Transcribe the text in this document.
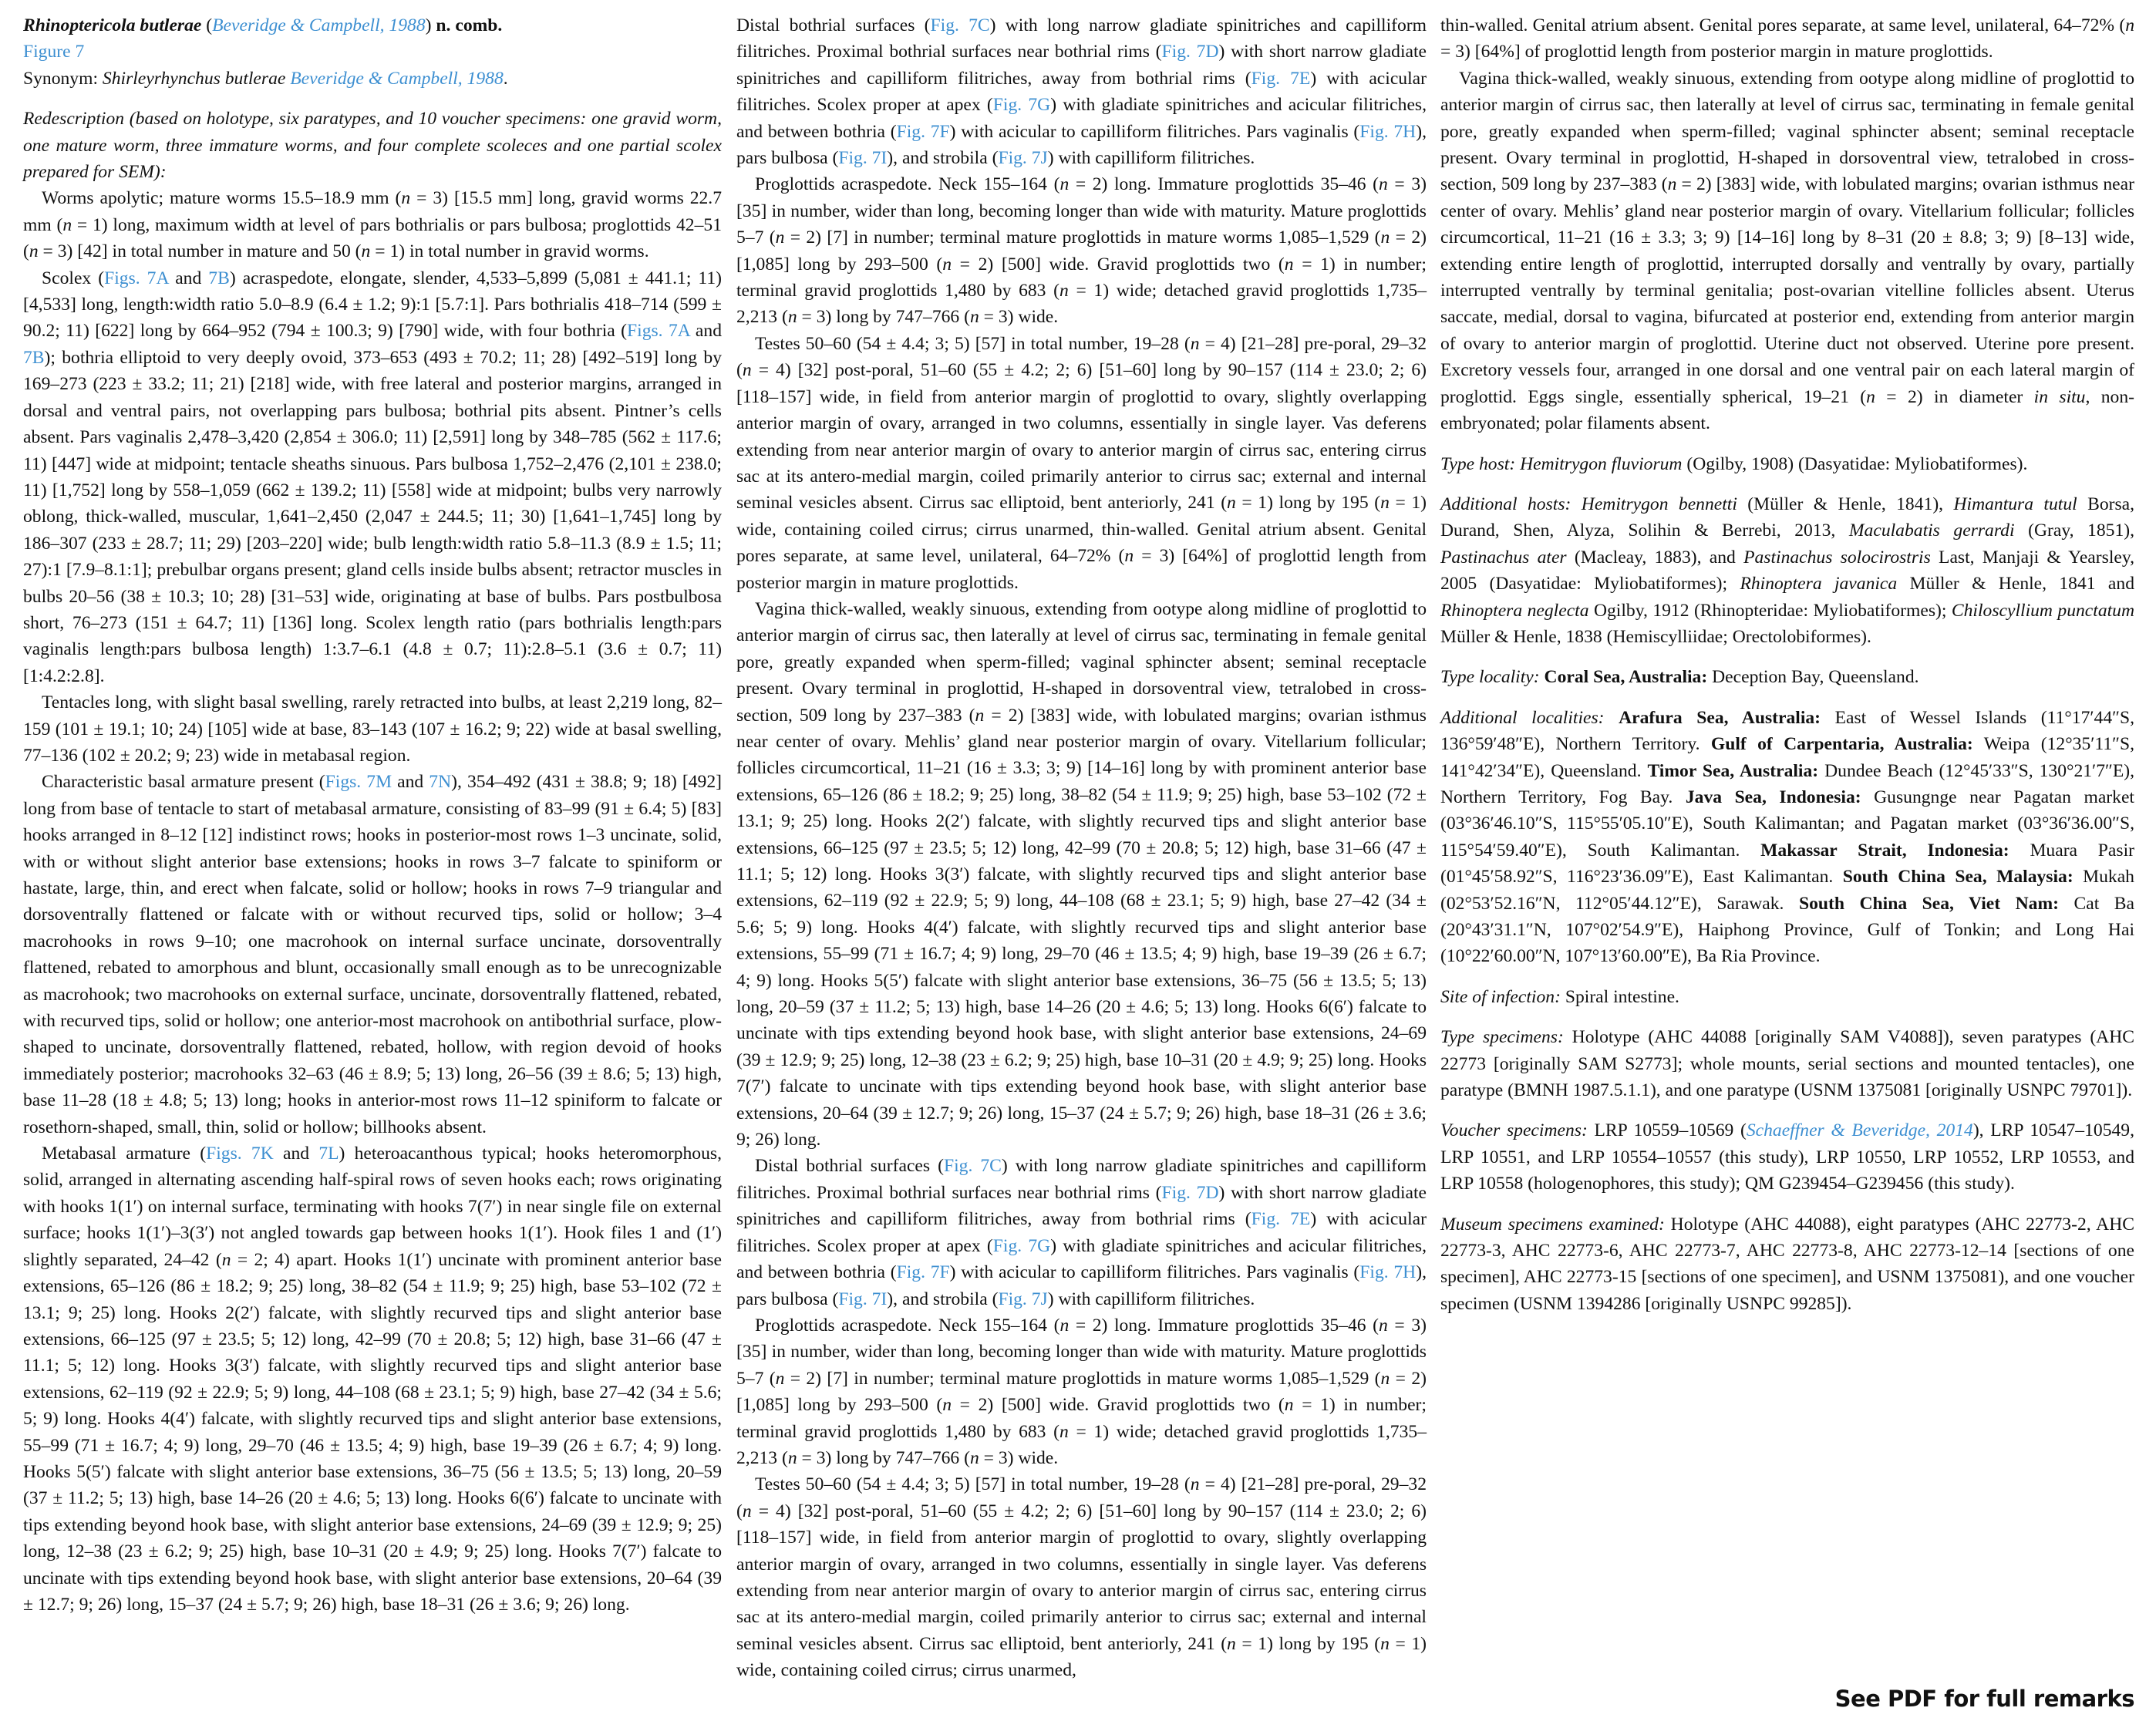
Rhinoptericola butlerae (Beveridge & Campbell, 1988) n. comb.

Figure 7

Synonym: Shirleyrhynchus butlerae Beveridge & Campbell, 1988.

Redescription (based on holotype, six paratypes, and 10 voucher specimens: one gravid worm, one mature worm, three immature worms, and four complete scoleces and one partial scolex prepared for SEM):

Worms apolytic; mature worms 15.5–18.9 mm (n = 3) [15.5 mm] long, gravid worms 22.7 mm (n = 1) long, maximum width at level of pars bothrialis or pars bulbosa; proglottids 42–51 (n = 3) [42] in total number in mature and 50 (n = 1) in total number in gravid worms.

Scolex (Figs. 7A and 7B) acraspedote, elongate, slender, 4,533–5,899 (5,081 ± 441.1; 11) [4,533] long, length:width ratio 5.0–8.9 (6.4 ± 1.2; 9):1 [5.7:1]. Pars bothrialis 418–714 (599 ± 90.2; 11) [622] long by 664–952 (794 ± 100.3; 9) [790] wide, with four bothria (Figs. 7A and 7B); bothria elliptoid to very deeply ovoid, 373–653 (493 ± 70.2; 11; 28) [492–519] long by 169–273 (223 ± 33.2; 11; 21) [218] wide, with free lateral and posterior margins, arranged in dorsal and ventral pairs, not overlapping pars bulbosa; bothrial pits absent. Pintner’s cells absent. Pars vaginalis 2,478–3,420 (2,854 ± 306.0; 11) [2,591] long by 348–785 (562 ± 117.6; 11) [447] wide at midpoint; tentacle sheaths sinuous. Pars bulbosa 1,752–2,476 (2,101 ± 238.0; 11) [1,752] long by 558–1,059 (662 ± 139.2; 11) [558] wide at midpoint; bulbs very narrowly oblong, thick-walled, muscular, 1,641–2,450 (2,047 ± 244.5; 11; 30) [1,641–1,745] long by 186–307 (233 ± 28.7; 11; 29) [203–220] wide; bulb length:width ratio 5.8–11.3 (8.9 ± 1.5; 11; 27):1 [7.9–8.1:1]; prebulbar organs present; gland cells inside bulbs absent; retractor muscles in bulbs 20–56 (38 ± 10.3; 10; 28) [31–53] wide, originating at base of bulbs. Pars postbulbosa short, 76–273 (151 ± 64.7; 11) [136] long. Scolex length ratio (pars bothrialis length:pars vaginalis length:pars bulbosa length) 1:3.7–6.1 (4.8 ± 0.7; 11):2.8–5.1 (3.6 ± 0.7; 11) [1:4.2:2.8].

Tentacles long, with slight basal swelling, rarely retracted into bulbs, at least 2,219 long, 82–159 (101 ± 19.1; 10; 24) [105] wide at base, 83–143 (107 ± 16.2; 9; 22) wide at basal swelling, 77–136 (102 ± 20.2; 9; 23) wide in metabasal region.

Characteristic basal armature present (Figs. 7M and 7N), 354–492 (431 ± 38.8; 9; 18) [492] long from base of tentacle to start of metabasal armature, consisting of 83–99 (91 ± 6.4; 5) [83] hooks arranged in 8–12 [12] indistinct rows; hooks in posterior-most rows 1–3 uncinate, solid, with or without slight anterior base extensions; hooks in rows 3–7 falcate to spiniform or hastate, large, thin, and erect when falcate, solid or hollow; hooks in rows 7–9 triangular and dorsoventrally flattened or falcate with or without recurved tips, solid or hollow; 3–4 macrohooks in rows 9–10; one macrohook on internal surface uncinate, dorsoventrally flattened, rebated to amorphous and blunt, occasionally small enough as to be unrecognizable as macrohook; two macrohooks on external surface, uncinate, dorsoventrally flattened, rebated, with recurved tips, solid or hollow; one anterior-most macrohook on antibothrial surface, plow-shaped to uncinate, dorsoventrally flattened, rebated, hollow, with region devoid of hooks immediately posterior; macrohooks 32–63 (46 ± 8.9; 5; 13) long, 26–56 (39 ± 8.6; 5; 13) high, base 11–28 (18 ± 4.8; 5; 13) long; hooks in anterior-most rows 11–12 spiniform to falcate or rosethorn-shaped, small, thin, solid or hollow; billhooks absent.

Metabasal armature (Figs. 7K and 7L) heteroacanthous typical; hooks heteromorphous, solid, arranged in alternating ascending half-spiral rows of seven hooks each; rows originating with hooks 1(1′) on internal surface, terminating with hooks 7(7′) in near single file on external surface; hooks 1(1′)–3(3′) not angled towards gap between hooks 1(1′). Hook files 1 and (1′) slightly separated, 24–42 (n = 2; 4) apart. Hooks 1(1′) uncinate with prominent anterior base extensions, 65–126 (86 ± 18.2; 9; 25) long, 38–82 (54 ± 11.9; 9; 25) high, base 53–102 (72 ± 13.1; 9; 25) long. Hooks 2(2′) falcate, with slightly recurved tips and slight anterior base extensions, 66–125 (97 ± 23.5; 5; 12) long, 42–99 (70 ± 20.8; 5; 12) high, base 31–66 (47 ± 11.1; 5; 12) long. Hooks 3(3′) falcate, with slightly recurved tips and slight anterior base extensions, 62–119 (92 ± 22.9; 5; 9) long, 44–108 (68 ± 23.1; 5; 9) high, base 27–42 (34 ± 5.6; 5; 9) long. Hooks 4(4′) falcate, with slightly recurved tips and slight anterior base extensions, 55–99 (71 ± 16.7; 4; 9) long, 29–70 (46 ± 13.5; 4; 9) high, base 19–39 (26 ± 6.7; 4; 9) long. Hooks 5(5′) falcate with slight anterior base extensions, 36–75 (56 ± 13.5; 5; 13) long, 20–59 (37 ± 11.2; 5; 13) high, base 14–26 (20 ± 4.6; 5; 13) long. Hooks 6(6′) falcate to uncinate with tips extending beyond hook base, with slight anterior base extensions, 24–69 (39 ± 12.9; 9; 25) long, 12–38 (23 ± 6.2; 9; 25) high, base 10–31 (20 ± 4.9; 9; 25) long. Hooks 7(7′) falcate to uncinate with tips extending beyond hook base, with slight anterior base extensions, 20–64 (39 ± 12.7; 9; 26) long, 15–37 (24 ± 5.7; 9; 26) high, base 18–31 (26 ± 3.6; 9; 26) long.

Distal bothrial surfaces (Fig. 7C) with long narrow gladiate spinitriches and capilliform filitriches. Proximal bothrial surfaces near bothrial rims (Fig. 7D) with short narrow gladiate spinitriches and capilliform filitriches, away from bothrial rims (Fig. 7E) with acicular filitriches. Scolex proper at apex (Fig. 7G) with gladiate spinitriches and acicular filitriches, and between bothria (Fig. 7F) with acicular to capilliform filitriches. Pars vaginalis (Fig. 7H), pars bulbosa (Fig. 7I), and strobila (Fig. 7J) with capilliform filitriches.

Proglottids acraspedote. Neck 155–164 (n = 2) long. Immature proglottids 35–46 (n = 3) [35] in number, wider than long, becoming longer than wide with maturity. Mature proglottids 5–7 (n = 2) [7] in number; terminal mature proglottids in mature worms 1,085–1,529 (n = 2) [1,085] long by 293–500 (n = 2) [500] wide. Gravid proglottids two (n = 1) in number; terminal gravid proglottids 1,480 by 683 (n = 1) wide; detached gravid proglottids 1,735–2,213 (n = 3) long by 747–766 (n = 3) wide.

Testes 50–60 (54 ± 4.4; 3; 5) [57] in total number, 19–28 (n = 4) [21–28] pre-poral, 29–32 (n = 4) [32] post-poral, 51–60 (55 ± 4.2; 2; 6) [51–60] long by 90–157 (114 ± 23.0; 2; 6) [118–157] wide, in field from anterior margin of proglottid to ovary, slightly overlapping anterior margin of ovary, arranged in two columns, essentially in single layer. Vas deferens extending from near anterior margin of ovary to anterior margin of cirrus sac, entering cirrus sac at its antero-medial margin, coiled primarily anterior to cirrus sac; external and internal seminal vesicles absent. Cirrus sac elliptoid, bent anteriorly, 241 (n = 1) long by 195 (n = 1) wide, containing coiled cirrus; cirrus unarmed, thin-walled. Genital atrium absent. Genital pores separate, at same level, unilateral, 64–72% (n = 3) [64%] of proglottid length from posterior margin in mature proglottids.

Vagina thick-walled, weakly sinuous, extending from ootype along midline of proglottid to anterior margin of cirrus sac, then laterally at level of cirrus sac, terminating in female genital pore, greatly expanded when sperm-filled; vaginal sphincter absent; seminal receptacle present. Ovary terminal in proglottid, H-shaped in dorsoventral view, tetralobed in cross-section, 509 long by 237–383 (n = 2) [383] wide, with lobulated margins; ovarian isthmus near center of ovary. Mehlis’ gland near posterior margin of ovary. Vitellarium follicular; follicles circumcortical, 11–21 (16 ± 3.3; 3; 9) [14–16] long by with prominent anterior base extensions, 65–126 (86 ± 18.2; 9; 25) long, 38–82 (54 ± 11.9; 9; 25) high, base 53–102 (72 ± 13.1; 9; 25) long. Hooks 2(2′) falcate, with slightly recurved tips and slight anterior base extensions, 66–125 (97 ± 23.5; 5; 12) long, 42–99 (70 ± 20.8; 5; 12) high, base 31–66 (47 ± 11.1; 5; 12) long. Hooks 3(3′) falcate, with slightly recurved tips and slight anterior base extensions, 62–119 (92 ± 22.9; 5; 9) long, 44–108 (68 ± 23.1; 5; 9) high, base 27–42 (34 ± 5.6; 5; 9) long. Hooks 4(4′) falcate, with slightly recurved tips and slight anterior base extensions, 55–99 (71 ± 16.7; 4; 9) long, 29–70 (46 ± 13.5; 4; 9) high, base 19–39 (26 ± 6.7; 4; 9) long. Hooks 5(5′) falcate with slight anterior base extensions, 36–75 (56 ± 13.5; 5; 13) long, 20–59 (37 ± 11.2; 5; 13) high, base 14–26 (20 ± 4.6; 5; 13) long. Hooks 6(6′) falcate to uncinate with tips extending beyond hook base, with slight anterior base extensions, 24–69 (39 ± 12.9; 9; 25) long, 12–38 (23 ± 6.2; 9; 25) high, base 10–31 (20 ± 4.9; 9; 25) long. Hooks 7(7′) falcate to uncinate with tips extending beyond hook base, with slight anterior base extensions, 20–64 (39 ± 12.7; 9; 26) long, 15–37 (24 ± 5.7; 9; 26) high, base 18–31 (26 ± 3.6; 9; 26) long.

Distal bothrial surfaces (Fig. 7C) with long narrow gladiate spinitriches and capilliform filitriches. Proximal bothrial surfaces near bothrial rims (Fig. 7D) with short narrow gladiate spinitriches and capilliform filitriches, away from bothrial rims (Fig. 7E) with acicular filitriches. Scolex proper at apex (Fig. 7G) with gladiate spinitriches and acicular filitriches, and between bothria (Fig. 7F) with acicular to capilliform filitriches. Pars vaginalis (Fig. 7H), pars bulbosa (Fig. 7I), and strobila (Fig. 7J) with capilliform filitriches.

Proglottids acraspedote. Neck 155–164 (n = 2) long. Immature proglottids 35–46 (n = 3) [35] in number, wider than long, becoming longer than wide with maturity. Mature proglottids 5–7 (n = 2) [7] in number; terminal mature proglottids in mature worms 1,085–1,529 (n = 2) [1,085] long by 293–500 (n = 2) [500] wide. Gravid proglottids two (n = 1) in number; terminal gravid proglottids 1,480 by 683 (n = 1) wide; detached gravid proglottids 1,735–2,213 (n = 3) long by 747–766 (n = 3) wide.

Testes 50–60 (54 ± 4.4; 3; 5) [57] in total number, 19–28 (n = 4) [21–28] pre-poral, 29–32 (n = 4) [32] post-poral, 51–60 (55 ± 4.2; 2; 6) [51–60] long by 90–157 (114 ± 23.0; 2; 6) [118–157] wide, in field from anterior margin of proglottid to ovary, slightly overlapping anterior margin of ovary, arranged in two columns, essentially in single layer. Vas deferens extending from near anterior margin of ovary to anterior margin of cirrus sac, entering cirrus sac at its antero-medial margin, coiled primarily anterior to cirrus sac; external and internal seminal vesicles absent. Cirrus sac elliptoid, bent anteriorly, 241 (n = 1) long by 195 (n = 1) wide, containing coiled cirrus; cirrus unarmed,

thin-walled. Genital atrium absent. Genital pores separate, at same level, unilateral, 64–72% (n = 3) [64%] of proglottid length from posterior margin in mature proglottids.

Vagina thick-walled, weakly sinuous, extending from ootype along midline of proglottid to anterior margin of cirrus sac, then laterally at level of cirrus sac, terminating in female genital pore, greatly expanded when sperm-filled; vaginal sphincter absent; seminal receptacle present. Ovary terminal in proglottid, H-shaped in dorsoventral view, tetralobed in cross-section, 509 long by 237–383 (n = 2) [383] wide, with lobulated margins; ovarian isthmus near center of ovary. Mehlis’ gland near posterior margin of ovary. Vitellarium follicular; follicles circumcortical, 11–21 (16 ± 3.3; 3; 9) [14–16] long by 8–31 (20 ± 8.8; 3; 9) [8–13] wide, extending entire length of proglottid, interrupted dorsally and ventrally by ovary, partially interrupted ventrally by terminal genitalia; post-ovarian vitelline follicles absent. Uterus saccate, medial, dorsal to vagina, bifurcated at posterior end, extending from anterior margin of ovary to anterior margin of proglottid. Uterine duct not observed. Uterine pore present. Excretory vessels four, arranged in one dorsal and one ventral pair on each lateral margin of proglottid. Eggs single, essentially spherical, 19–21 (n = 2) in diameter in situ, non-embryonated; polar filaments absent.

Type host: Hemitrygon fluviorum (Ogilby, 1908) (Dasyatidae: Myliobatiformes).

Additional hosts: Hemitrygon bennetti (Müller & Henle, 1841), Himantura tutul Borsa, Durand, Shen, Alyza, Solihin & Berrebi, 2013, Maculabatis gerrardi (Gray, 1851), Pastinachus ater (Macleay, 1883), and Pastinachus solocirostris Last, Manjaji & Yearsley, 2005 (Dasyatidae: Myliobatiformes); Rhinoptera javanica Müller & Henle, 1841 and Rhinoptera neglecta Ogilby, 1912 (Rhinopteridae: Myliobatiformes); Chiloscyllium punctatum Müller & Henle, 1838 (Hemiscylliidae; Orectolobiformes).

Type locality: Coral Sea, Australia: Deception Bay, Queensland.

Additional localities: Arafura Sea, Australia: East of Wessel Islands (11°17′44″S, 136°59′48″E), Northern Territory. Gulf of Carpentaria, Australia: Weipa (12°35′11″S, 141°42′34″E), Queensland. Timor Sea, Australia: Dundee Beach (12°45′33″S, 130°21′7″E), Northern Territory, Fog Bay. Java Sea, Indonesia: Gusungnge near Pagatan market (03°36′46.10″S, 115°55′05.10″E), South Kalimantan; and Pagatan market (03°36′36.00″S, 115°54′59.40″E), South Kalimantan. Makassar Strait, Indonesia: Muara Pasir (01°45′58.92″S, 116°23′36.09″E), East Kalimantan. South China Sea, Malaysia: Mukah (02°53′52.16″N, 112°05′44.12″E), Sarawak. South China Sea, Viet Nam: Cat Ba (20°43′31.1″N, 107°02′54.9″E), Haiphong Province, Gulf of Tonkin; and Long Hai (10°22′60.00″N, 107°13′60.00″E), Ba Ria Province.

Site of infection: Spiral intestine.

Type specimens: Holotype (AHC 44088 [originally SAM V4088]), seven paratypes (AHC 22773 [originally SAM S2773]; whole mounts, serial sections and mounted tentacles), one paratype (BMNH 1987.5.1.1), and one paratype (USNM 1375081 [originally USNPC 79701]).

Voucher specimens: LRP 10559–10569 (Schaeffner & Beveridge, 2014), LRP 10547–10549, LRP 10551, and LRP 10554–10557 (this study), LRP 10550, LRP 10552, LRP 10553, and LRP 10558 (hologenophores, this study); QM G239454–G239456 (this study).

Museum specimens examined: Holotype (AHC 44088), eight paratypes (AHC 22773-2, AHC 22773-3, AHC 22773-6, AHC 22773-7, AHC 22773-8, AHC 22773-12–14 [sections of one specimen], AHC 22773-15 [sections of one specimen], and USNM 1375081), and one voucher specimen (USNM 1394286 [originally USNPC 99285]).

See PDF for full remarks
